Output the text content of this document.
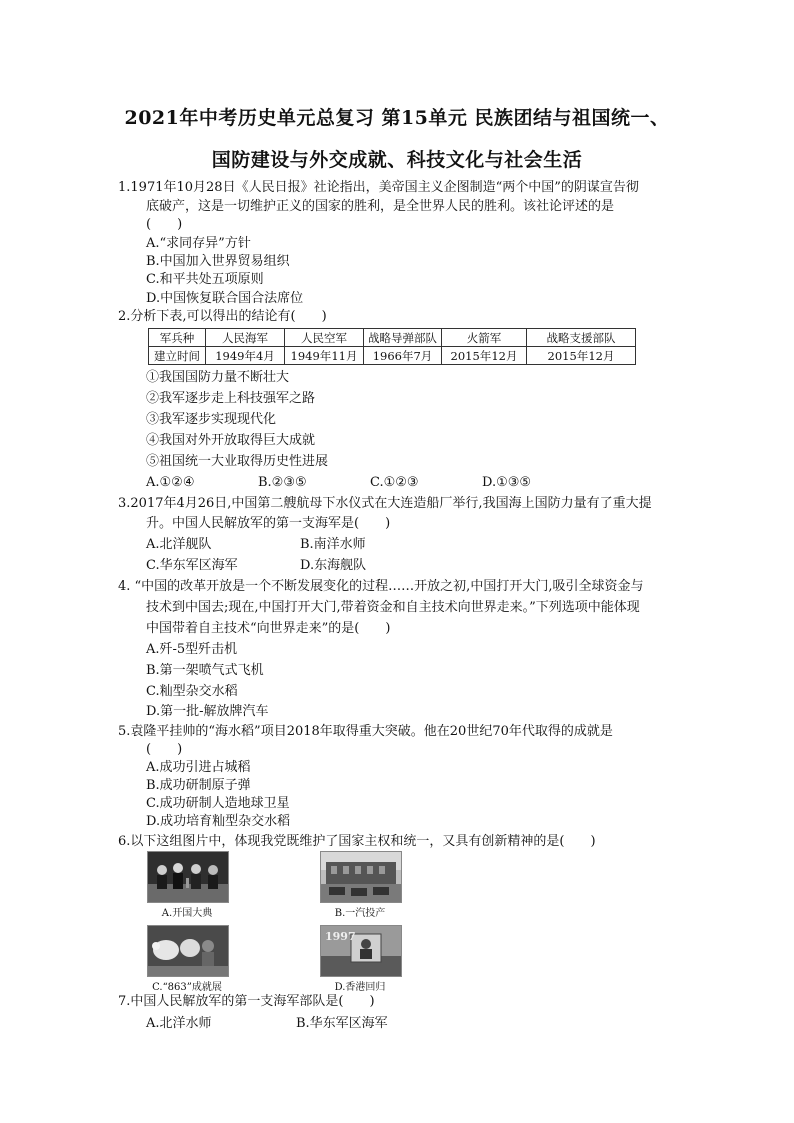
2021年中考历史单元总复习 第15单元 民族团结与祖国统一、
国防建设与外交成就、科技文化与社会生活
1.1971年10月28日《人民日报》社论指出，美帝国主义企图制造“两个中国”的阴谋宣告彻
底破产，这是一切维护正义的国家的胜利，是全世界人民的胜利。该社论评述的是
(　　)
A.“求同存异”方针
B.中国加入世界贸易组织
C.和平共处五项原则
D.中国恢复联合国合法席位
2.分析下表,可以得出的结论有(　　)
军兵种	人民海军	人民空军	战略导弹部队	火箭军	战略支援部队
建立时间	1949年4月	1949年11月	1966年7月	2015年12月	2015年12月
①我国国防力量不断壮大
②我军逐步走上科技强军之路
③我军逐步实现现代化
④我国对外开放取得巨大成就
⑤祖国统一大业取得历史性进展
A.①②④	B.②③⑤	C.①②③	D.①③⑤
3.2017年4月26日,中国第二艘航母下水仪式在大连造船厂举行,我国海上国防力量有了重大提
升。中国人民解放军的第一支海军是(　　)
A.北洋舰队	B.南洋水师
C.华东军区海军	D.东海舰队
4. “中国的改革开放是一个不断发展变化的过程……开放之初,中国打开大门,吸引全球资金与
技术到中国去;现在,中国打开大门,带着资金和自主技术向世界走来。”下列选项中能体现
中国带着自主技术“向世界走来”的是(　　)
A.歼-5型歼击机
B.第一架喷气式飞机
C.籼型杂交水稻
D.第一批-解放牌汽车
5.袁隆平挂帅的“海水稻”项目2018年取得重大突破。他在20世纪70年代取得的成就是
(　　)
A.成功引进占城稻
B.成功研制原子弹
C.成功研制人造地球卫星
D.成功培育籼型杂交水稻
6.以下这组图片中，体现我党既维护了国家主权和统一，又具有创新精神的是(　　)
A.开国大典	B.一汽投产
C.“863”成就展
1997
D.香港回归
7.中国人民解放军的第一支海军部队是(　　)
A.北洋水师	B.华东军区海军
